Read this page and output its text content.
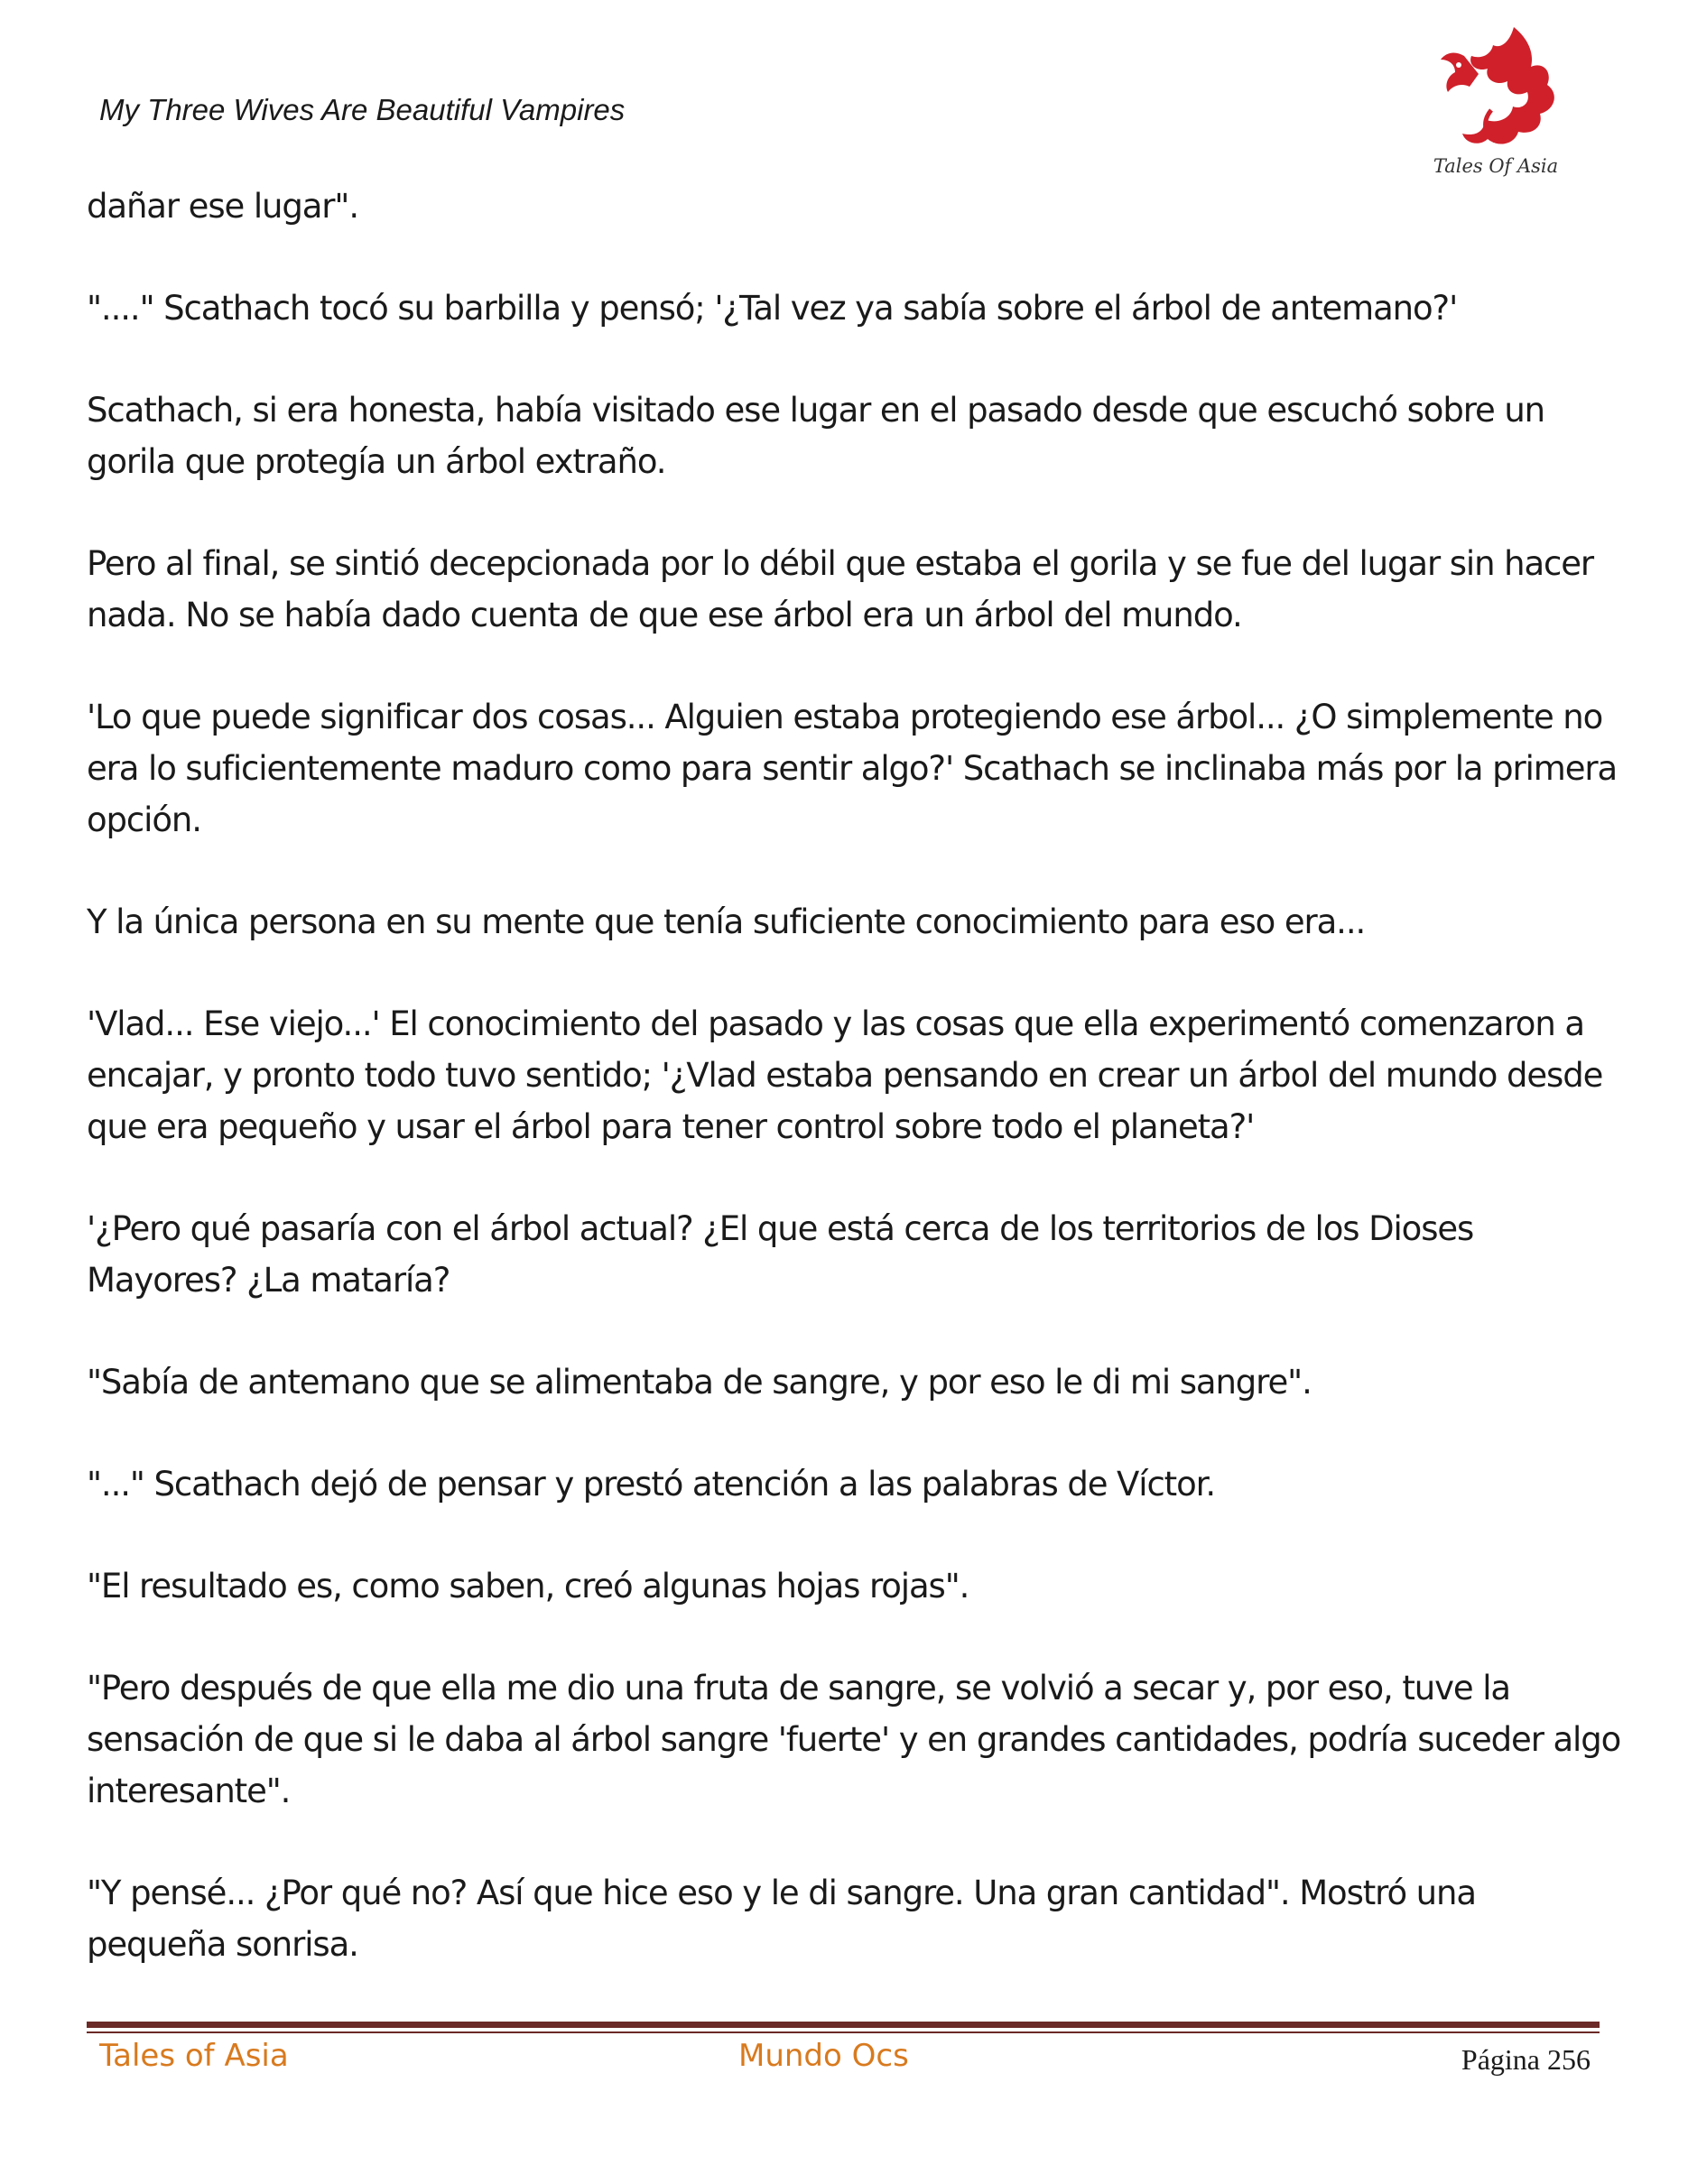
My Three Wives Are Beautiful Vampires

Tales Of Asia

dañar ese lugar".

"...." Scathach tocó su barbilla y pensó; '¿Tal vez ya sabía sobre el árbol de antemano?'

Scathach, si era honesta, había visitado ese lugar en el pasado desde que escuchó sobre un gorila que protegía un árbol extraño.

Pero al final, se sintió decepcionada por lo débil que estaba el gorila y se fue del lugar sin hacer nada. No se había dado cuenta de que ese árbol era un árbol del mundo.

'Lo que puede significar dos cosas... Alguien estaba protegiendo ese árbol... ¿O simplemente no era lo suficientemente maduro como para sentir algo?' Scathach se inclinaba más por la primera opción.

Y la única persona en su mente que tenía suficiente conocimiento para eso era...

'Vlad... Ese viejo...' El conocimiento del pasado y las cosas que ella experimentó comenzaron a encajar, y pronto todo tuvo sentido; '¿Vlad estaba pensando en crear un árbol del mundo desde que era pequeño y usar el árbol para tener control sobre todo el planeta?'

'¿Pero qué pasaría con el árbol actual? ¿El que está cerca de los territorios de los Dioses Mayores? ¿La mataría?

"Sabía de antemano que se alimentaba de sangre, y por eso le di mi sangre".

"..." Scathach dejó de pensar y prestó atención a las palabras de Víctor.

"El resultado es, como saben, creó algunas hojas rojas".

"Pero después de que ella me dio una fruta de sangre, se volvió a secar y, por eso, tuve la sensación de que si le daba al árbol sangre 'fuerte' y en grandes cantidades, podría suceder algo interesante".

"Y pensé... ¿Por qué no? Así que hice eso y le di sangre. Una gran cantidad". Mostró una pequeña sonrisa.

Tales of Asia	Mundo Ocs	Página 256
